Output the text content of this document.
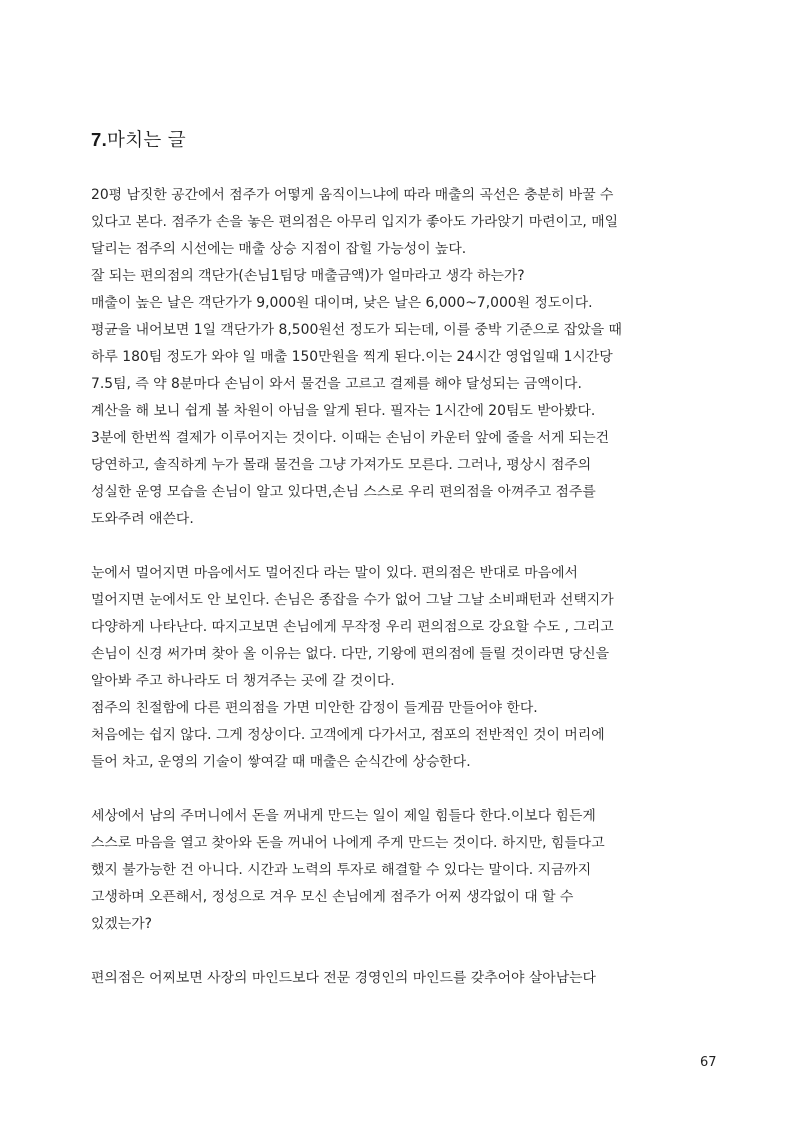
7.마치는 글
20평 남짓한 공간에서 점주가 어떻게 움직이느냐에 따라 매출의 곡선은 충분히 바꿀 수
있다고 본다. 점주가 손을 놓은 편의점은 아무리 입지가 좋아도 가라앉기 마련이고, 매일
달리는 점주의 시선에는 매출 상승 지점이 잡힐 가능성이 높다.
잘 되는 편의점의 객단가(손님1팀당 매출금액)가 얼마라고 생각 하는가?
매출이 높은 날은 객단가가 9,000원 대이며, 낮은 날은 6,000~7,000원 정도이다.
평균을 내어보면 1일 객단가가 8,500원선 정도가 되는데, 이를 중박 기준으로 잡았을 때
하루 180팀 정도가 와야 일 매출 150만원을 찍게 된다.이는 24시간 영업일때 1시간당
7.5팀, 즉 약 8분마다 손님이 와서 물건을 고르고 결제를 해야 달성되는 금액이다.
계산을 해 보니 쉽게 볼 차원이 아님을 알게 된다. 필자는 1시간에 20팀도 받아봤다.
3분에 한번씩 결제가 이루어지는 것이다. 이때는 손님이 카운터 앞에 줄을 서게 되는건
당연하고, 솔직하게 누가 몰래 물건을 그냥 가져가도 모른다. 그러나, 평상시 점주의
성실한 운영 모습을 손님이 알고 있다면,손님 스스로 우리 편의점을 아껴주고 점주를
도와주려 애쓴다.
눈에서 멀어지면 마음에서도 멀어진다 라는 말이 있다. 편의점은 반대로 마음에서
멀어지면 눈에서도 안 보인다. 손님은 종잡을 수가 없어 그날 그날 소비패턴과 선택지가
다양하게 나타난다. 따지고보면 손님에게 무작정 우리 편의점으로 강요할 수도 , 그리고
손님이 신경 써가며 찾아 올 이유는 없다. 다만, 기왕에 편의점에 들릴 것이라면 당신을
알아봐 주고 하나라도 더 챙겨주는 곳에 갈 것이다.
점주의 친절함에 다른 편의점을 가면 미안한 감정이 들게끔 만들어야 한다.
처음에는 쉽지 않다. 그게 정상이다. 고객에게 다가서고, 점포의 전반적인 것이 머리에
들어 차고, 운영의 기술이 쌓여갈 때 매출은 순식간에 상승한다.
세상에서 남의 주머니에서 돈을 꺼내게 만드는 일이 제일 힘들다 한다.이보다 힘든게
스스로 마음을 열고 찾아와 돈을 꺼내어 나에게 주게 만드는 것이다. 하지만, 힘들다고
했지 불가능한 건 아니다. 시간과 노력의 투자로 해결할 수 있다는 말이다. 지금까지
고생하며 오픈해서, 정성으로 겨우 모신 손님에게 점주가 어찌 생각없이 대 할 수
있겠는가?
편의점은 어찌보면 사장의 마인드보다 전문 경영인의 마인드를 갖추어야 살아남는다
67
